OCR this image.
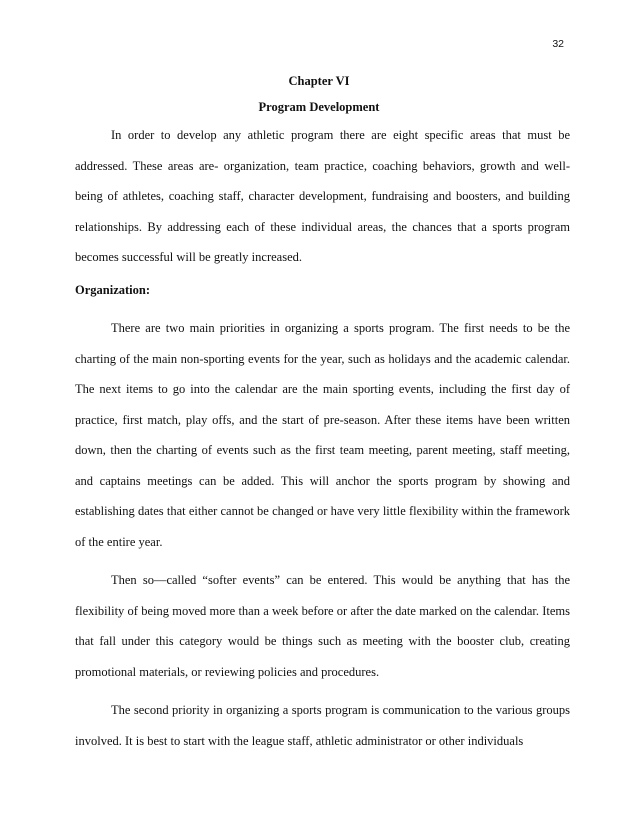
32
Chapter VI
Program Development

In order to develop any athletic program there are eight specific areas that must be addressed. These areas are- organization, team practice, coaching behaviors, growth and well-being of athletes, coaching staff, character development, fundraising and boosters, and building relationships. By addressing each of these individual areas, the chances that a sports program becomes successful will be greatly increased.

Organization:

There are two main priorities in organizing a sports program. The first needs to be the charting of the main non-sporting events for the year, such as holidays and the academic calendar. The next items to go into the calendar are the main sporting events, including the first day of practice, first match, play offs, and the start of pre-season. After these items have been written down, then the charting of events such as the first team meeting, parent meeting, staff meeting, and captains meetings can be added. This will anchor the sports program by showing and establishing dates that either cannot be changed or have very little flexibility within the framework of the entire year.

Then so—called “softer events” can be entered. This would be anything that has the flexibility of being moved more than a week before or after the date marked on the calendar. Items that fall under this category would be things such as meeting with the booster club, creating promotional materials, or reviewing policies and procedures.

The second priority in organizing a sports program is communication to the various groups involved. It is best to start with the league staff, athletic administrator or other individuals
